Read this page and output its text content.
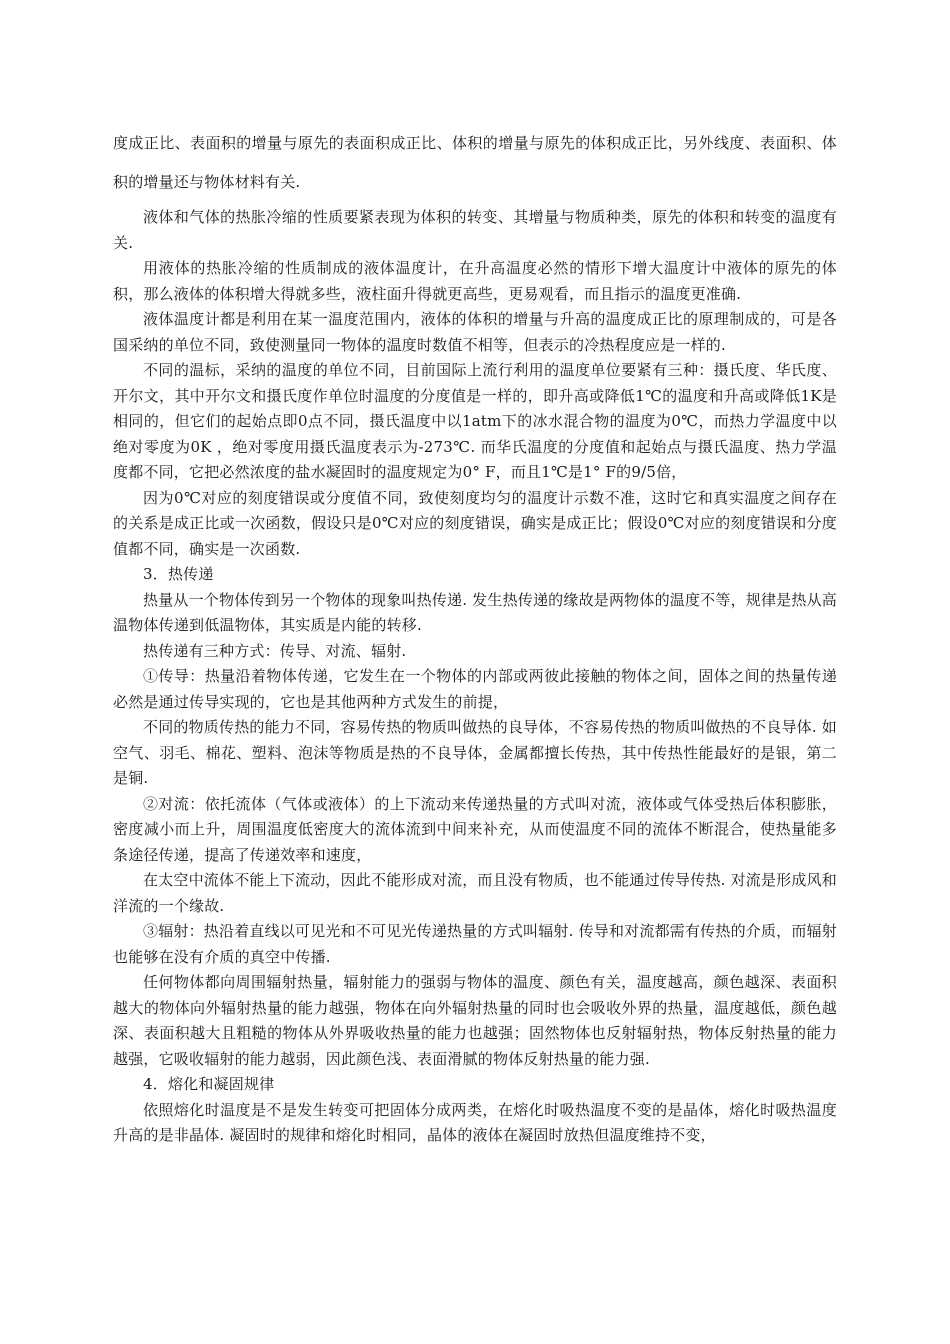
度成正比、表面积的增量与原先的表面积成正比、体积的增量与原先的体积成正比，另外线度、表面积、体积的增量还与物体材料有关.

液体和气体的热胀冷缩的性质要紧表现为体积的转变、其增量与物质种类，原先的体积和转变的温度有关.

用液体的热胀冷缩的性质制成的液体温度计，在升高温度必然的情形下增大温度计中液体的原先的体积，那么液体的体积增大得就多些，液柱面升得就更高些，更易观看，而且指示的温度更准确.

液体温度计都是利用在某一温度范围内，液体的体积的增量与升高的温度成正比的原理制成的，可是各国采纳的单位不同，致使测量同一物体的温度时数值不相等，但表示的冷热程度应是一样的.

不同的温标，采纳的温度的单位不同，目前国际上流行利用的温度单位要紧有三种：摄氏度、华氏度、开尔文，其中开尔文和摄氏度作单位时温度的分度值是一样的，即升高或降低1℃的温度和升高或降低1K是相同的，但它们的起始点即0点不同，摄氏温度中以1atm下的冰水混合物的温度为0℃，而热力学温度中以绝对零度为0K ，绝对零度用摄氏温度表示为-273℃. 而华氏温度的分度值和起始点与摄氏温度、热力学温度都不同，它把必然浓度的盐水凝固时的温度规定为0° F，而且1℃是1° F的9/5倍，

因为0℃对应的刻度错误或分度值不同，致使刻度均匀的温度计示数不准，这时它和真实温度之间存在的关系是成正比或一次函数，假设只是0℃对应的刻度错误，确实是成正比；假设0℃对应的刻度错误和分度值都不同，确实是一次函数.

3．热传递

热量从一个物体传到另一个物体的现象叫热传递. 发生热传递的缘故是两物体的温度不等，规律是热从高温物体传递到低温物体，其实质是内能的转移.

热传递有三种方式：传导、对流、辐射.

①传导：热量沿着物体传递，它发生在一个物体的内部或两彼此接触的物体之间，固体之间的热量传递必然是通过传导实现的，它也是其他两种方式发生的前提，

不同的物质传热的能力不同，容易传热的物质叫做热的良导体，不容易传热的物质叫做热的不良导体. 如空气、羽毛、棉花、塑料、泡沫等物质是热的不良导体，金属都擅长传热，其中传热性能最好的是银，第二是铜.

②对流：依托流体（气体或液体）的上下流动来传递热量的方式叫对流，液体或气体受热后体积膨胀，密度减小而上升，周围温度低密度大的流体流到中间来补充，从而使温度不同的流体不断混合，使热量能多条途径传递，提高了传递效率和速度，

在太空中流体不能上下流动，因此不能形成对流，而且没有物质，也不能通过传导传热. 对流是形成风和洋流的一个缘故.

③辐射：热沿着直线以可见光和不可见光传递热量的方式叫辐射. 传导和对流都需有传热的介质，而辐射也能够在没有介质的真空中传播.

任何物体都向周围辐射热量，辐射能力的强弱与物体的温度、颜色有关，温度越高，颜色越深、表面积越大的物体向外辐射热量的能力越强，物体在向外辐射热量的同时也会吸收外界的热量，温度越低，颜色越深、表面积越大且粗糙的物体从外界吸收热量的能力也越强；固然物体也反射辐射热，物体反射热量的能力越强，它吸收辐射的能力越弱，因此颜色浅、表面滑腻的物体反射热量的能力强.

4．熔化和凝固规律

依照熔化时温度是不是发生转变可把固体分成两类，在熔化时吸热温度不变的是晶体，熔化时吸热温度升高的是非晶体. 凝固时的规律和熔化时相同，晶体的液体在凝固时放热但温度维持不变，
